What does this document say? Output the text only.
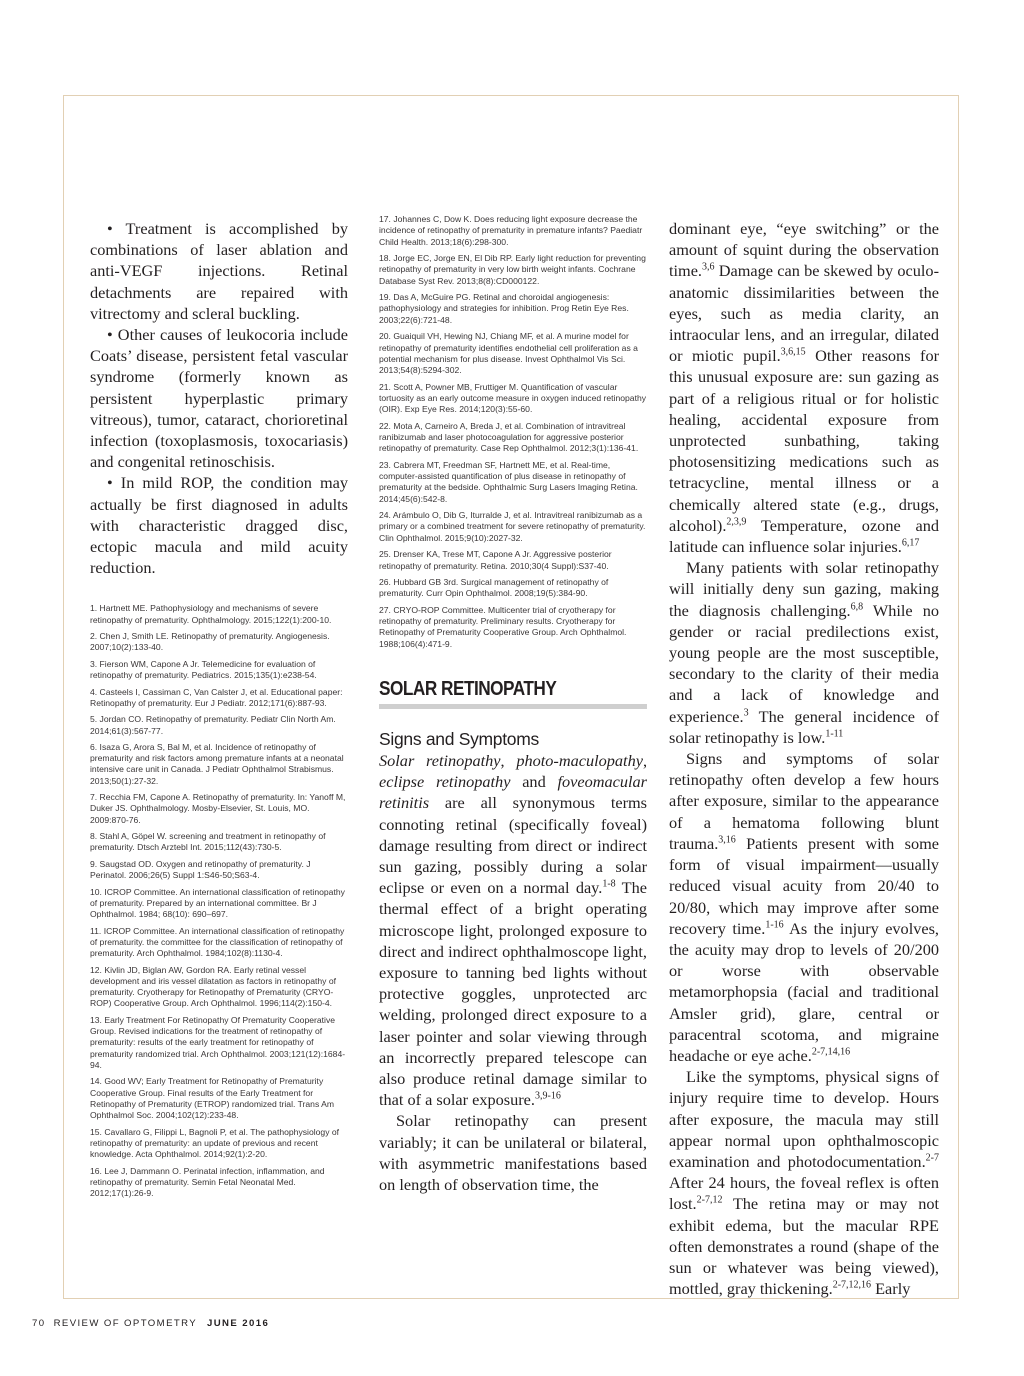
• Treatment is accomplished by combinations of laser ablation and anti-VEGF injections. Retinal detachments are repaired with vitrectomy and scleral buckling.

• Other causes of leukocoria include Coats’ disease, persistent fetal vascular syndrome (formerly known as persistent hyperplastic primary vitreous), tumor, cataract, chorioretinal infection (toxoplasmosis, toxocariasis) and congenital retinoschisis.

• In mild ROP, the condition may actually be first diagnosed in adults with characteristic dragged disc, ectopic macula and mild acuity reduction.

1. Hartnett ME. Pathophysiology and mechanisms of severe retinopathy of prematurity. Ophthalmology. 2015;122(1):200-10.

2. Chen J, Smith LE. Retinopathy of prematurity. Angiogenesis. 2007;10(2):133-40.

3. Fierson WM, Capone A Jr. Telemedicine for evaluation of retinopathy of prematurity. Pediatrics. 2015;135(1):e238-54.

4. Casteels I, Cassiman C, Van Calster J, et al. Educational paper: Retinopathy of prematurity. Eur J Pediatr. 2012;171(6):887-93.

5. Jordan CO. Retinopathy of prematurity. Pediatr Clin North Am. 2014;61(3):567-77.

6. Isaza G, Arora S, Bal M, et al. Incidence of retinopathy of prematurity and risk factors among premature infants at a neonatal intensive care unit in Canada. J Pediatr Ophthalmol Strabismus. 2013;50(1):27-32.

7. Recchia FM, Capone A. Retinopathy of prematurity. In: Yanoff M, Duker JS. Ophthalmology. Mosby-Elsevier, St. Louis, MO. 2009:870-76.

8. Stahl A, Göpel W. screening and treatment in retinopathy of prematurity. Dtsch Arztebl Int. 2015;112(43):730-5.

9. Saugstad OD. Oxygen and retinopathy of prematurity. J Perinatol. 2006;26(5) Suppl 1:S46-50;S63-4.

10. ICROP Committee. An international classification of retinopathy of prematurity. Prepared by an international committee. Br J Ophthalmol. 1984; 68(10): 690–697.

11. ICROP Committee. An international classification of retinopathy of prematurity. the committee for the classification of retinopathy of prematurity. Arch Ophthalmol. 1984;102(8):1130-4.

12. Kivlin JD, Biglan AW, Gordon RA. Early retinal vessel development and iris vessel dilatation as factors in retinopathy of prematurity. Cryotherapy for Retinopathy of Prematurity (CRYO-ROP) Cooperative Group. Arch Ophthalmol. 1996;114(2):150-4.

13. Early Treatment For Retinopathy Of Prematurity Cooperative Group. Revised indications for the treatment of retinopathy of prematurity: results of the early treatment for retinopathy of prematurity randomized trial. Arch Ophthalmol. 2003;121(12):1684-94.

14. Good WV; Early Treatment for Retinopathy of Prematurity Cooperative Group. Final results of the Early Treatment for Retinopathy of Prematurity (ETROP) randomized trial. Trans Am Ophthalmol Soc. 2004;102(12):233-48.

15. Cavallaro G, Filippi L, Bagnoli P, et al. The pathophysiology of retinopathy of prematurity: an update of previous and recent knowledge. Acta Ophthalmol. 2014;92(1):2-20.

16. Lee J, Dammann O. Perinatal infection, inflammation, and retinopathy of prematurity. Semin Fetal Neonatal Med. 2012;17(1):26-9.

17. Johannes C, Dow K. Does reducing light exposure decrease the incidence of retinopathy of prematurity in premature infants? Paediatr Child Health. 2013;18(6):298-300.

18. Jorge EC, Jorge EN, El Dib RP. Early light reduction for preventing retinopathy of prematurity in very low birth weight infants. Cochrane Database Syst Rev. 2013;8(8):CD000122.

19. Das A, McGuire PG. Retinal and choroidal angiogenesis: pathophysiology and strategies for inhibition. Prog Retin Eye Res. 2003;22(6):721-48.

20. Guaiquil VH, Hewing NJ, Chiang MF, et al. A murine model for retinopathy of prematurity identifies endothelial cell proliferation as a potential mechanism for plus disease. Invest Ophthalmol Vis Sci. 2013;54(8):5294-302.

21. Scott A, Powner MB, Fruttiger M. Quantification of vascular tortuosity as an early outcome measure in oxygen induced retinopathy (OIR). Exp Eye Res. 2014;120(3):55-60.

22. Mota A, Carneiro A, Breda J, et al. Combination of intravitreal ranibizumab and laser photocoagulation for aggressive posterior retinopathy of prematurity. Case Rep Ophthalmol. 2012;3(1):136-41.

23. Cabrera MT, Freedman SF, Hartnett ME, et al. Real-time, computer-assisted quantification of plus disease in retinopathy of prematurity at the bedside. Ophthalmic Surg Lasers Imaging Retina. 2014;45(6):542-8.

24. Arámbulo O, Dib G, Iturralde J, et al. Intravitreal ranibizumab as a primary or a combined treatment for severe retinopathy of prematurity. Clin Ophthalmol. 2015;9(10):2027-32.

25. Drenser KA, Trese MT, Capone A Jr. Aggressive posterior retinopathy of prematurity. Retina. 2010;30(4 Suppl):S37-40.

26. Hubbard GB 3rd. Surgical management of retinopathy of prematurity. Curr Opin Ophthalmol. 2008;19(5):384-90.

27. CRYO-ROP Committee. Multicenter trial of cryotherapy for retinopathy of prematurity. Preliminary results. Cryotherapy for Retinopathy of Prematurity Cooperative Group. Arch Ophthalmol. 1988;106(4):471-9.

SOLAR RETINOPATHY
Signs and Symptoms

Solar retinopathy, photo-maculopathy, eclipse retinopathy and foveomacular retinitis are all synonymous terms connoting retinal (specifically foveal) damage resulting from direct or indirect sun gazing, possibly during a solar eclipse or even on a normal day.$^{1-8}$ The thermal effect of a bright operating microscope light, prolonged exposure to direct and indirect ophthalmoscope light, exposure to tanning bed lights without protective goggles, unprotected arc welding, prolonged direct exposure to a laser pointer and solar viewing through an incorrectly prepared telescope can also produce retinal damage similar to that of a solar exposure.$^{3,9-16}$

Solar retinopathy can present variably; it can be unilateral or bilateral, with asymmetric manifestations based on length of observation time, the

dominant eye, “eye switching” or the amount of squint during the observation time.$^{3,6}$ Damage can be skewed by oculo-anatomic dissimilarities between the eyes, such as media clarity, an intraocular lens, and an irregular, dilated or miotic pupil.$^{3,6,15}$ Other reasons for this unusual exposure are: sun gazing as part of a religious ritual or for holistic healing, accidental exposure from unprotected sunbathing, taking photosensitizing medications such as tetracycline, mental illness or a chemically altered state (e.g., drugs, alcohol).$^{2,3,9}$ Temperature, ozone and latitude can influence solar injuries.$^{6,17}$

Many patients with solar retinopathy will initially deny sun gazing, making the diagnosis challenging.$^{6,8}$ While no gender or racial predilections exist, young people are the most susceptible, secondary to the clarity of their media and a lack of knowledge and experience.$^3$ The general incidence of solar retinopathy is low.$^{1-11}$

Signs and symptoms of solar retinopathy often develop a few hours after exposure, similar to the appearance of a hematoma following blunt trauma.$^{3,16}$ Patients present with some form of visual impairment—usually reduced visual acuity from 20/40 to 20/80, which may improve after some recovery time.$^{1-16}$ As the injury evolves, the acuity may drop to levels of 20/200 or worse with observable metamorphopsia (facial and traditional Amsler grid), glare, central or paracentral scotoma, and migraine headache or eye ache.$^{2-7,14,16}$

Like the symptoms, physical signs of injury require time to develop. Hours after exposure, the macula may still appear normal upon ophthalmoscopic examination and photodocumentation.$^{2-7}$ After 24 hours, the foveal reflex is often lost.$^{2-7,12}$ The retina may or may not exhibit edema, but the macular RPE often demonstrates a round (shape of the sun or whatever was being viewed), mottled, gray thickening.$^{2-7,12,16}$ Early

70 REVIEW OF OPTOMETRY JUNE 2016
